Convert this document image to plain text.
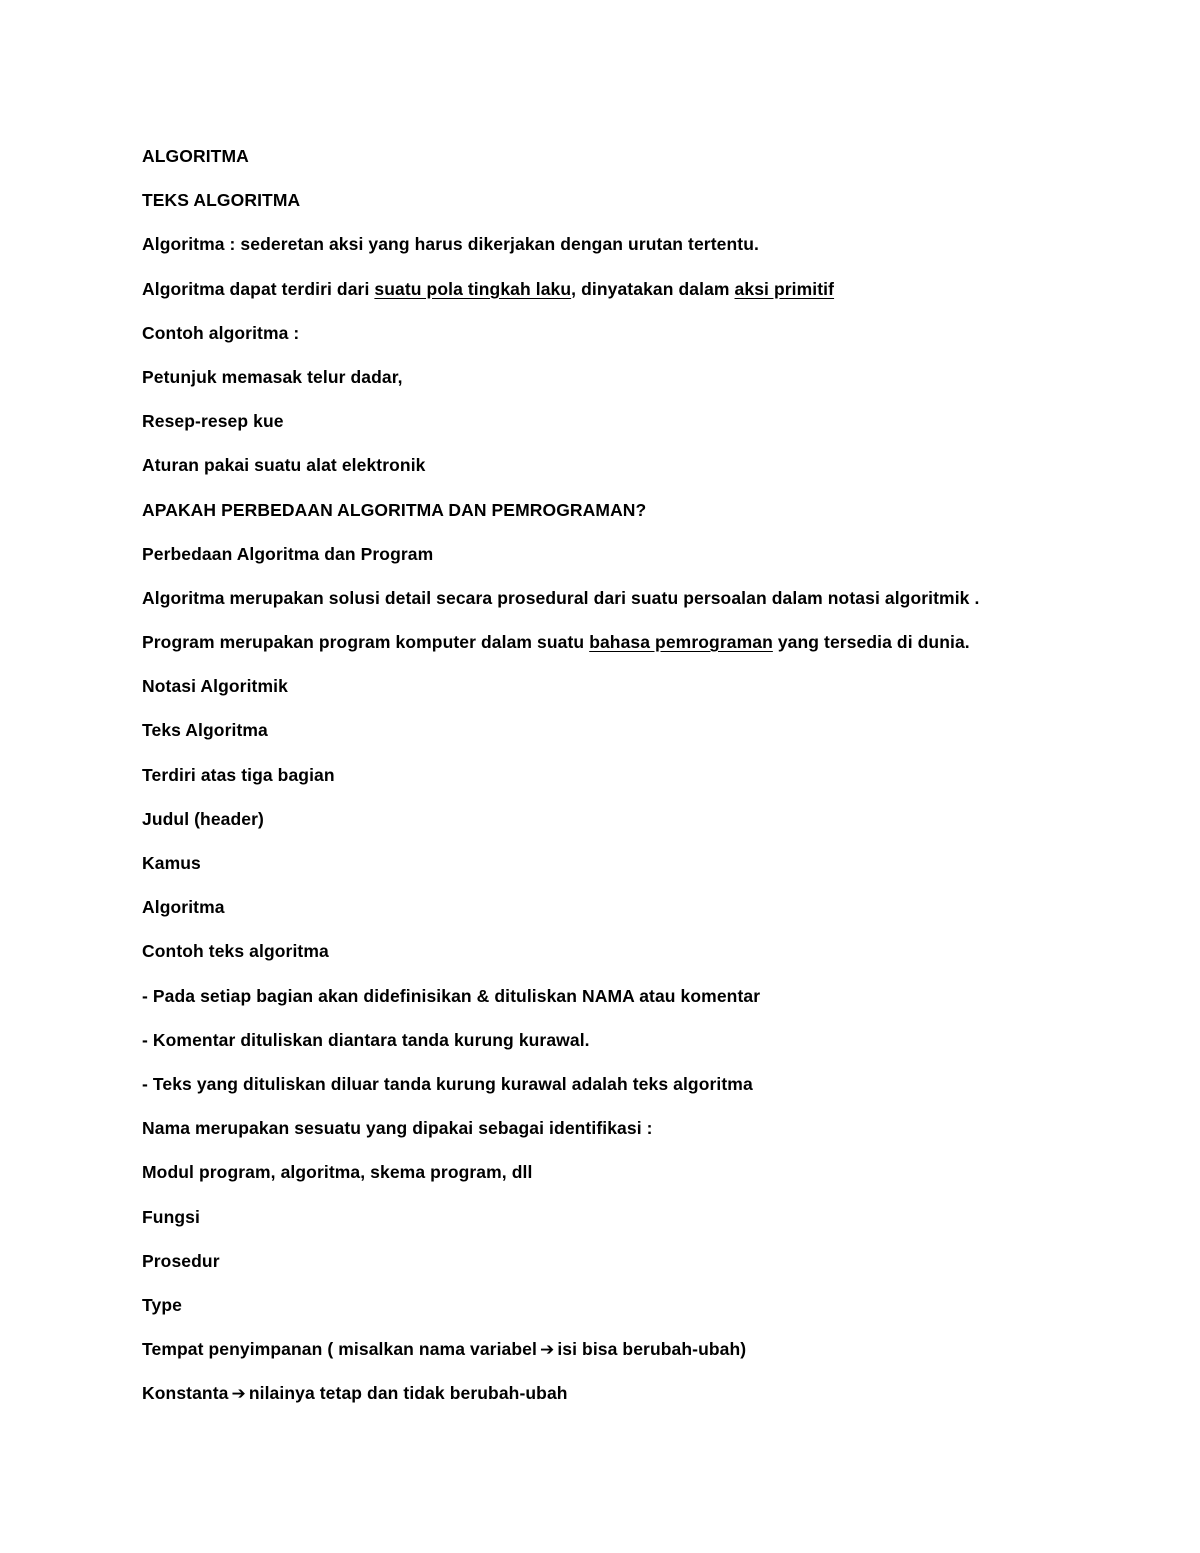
ALGORITMA
TEKS ALGORITMA
Algoritma : sederetan aksi yang harus dikerjakan dengan urutan tertentu.
Algoritma dapat terdiri dari suatu pola tingkah laku, dinyatakan dalam aksi primitif
Contoh algoritma :
Petunjuk memasak telur dadar,
Resep-resep kue
Aturan pakai suatu alat elektronik
APAKAH PERBEDAAN ALGORITMA DAN PEMROGRAMAN?
Perbedaan Algoritma dan Program
Algoritma merupakan solusi detail secara prosedural dari suatu persoalan dalam notasi algoritmik .
Program merupakan program komputer dalam suatu bahasa pemrograman yang tersedia di dunia.
Notasi Algoritmik
Teks Algoritma
Terdiri atas tiga bagian
Judul (header)
Kamus
Algoritma
Contoh teks algoritma
- Pada setiap bagian akan didefinisikan & dituliskan NAMA atau komentar
- Komentar dituliskan diantara tanda kurung kurawal.
- Teks yang dituliskan diluar tanda kurung kurawal adalah teks algoritma
Nama merupakan sesuatu yang dipakai sebagai identifikasi :
Modul program, algoritma, skema program, dll
Fungsi
Prosedur
Type
Tempat penyimpanan ( misalkan nama variabel ➔ isi bisa berubah-ubah)
Konstanta ➔ nilainya tetap dan tidak berubah-ubah
